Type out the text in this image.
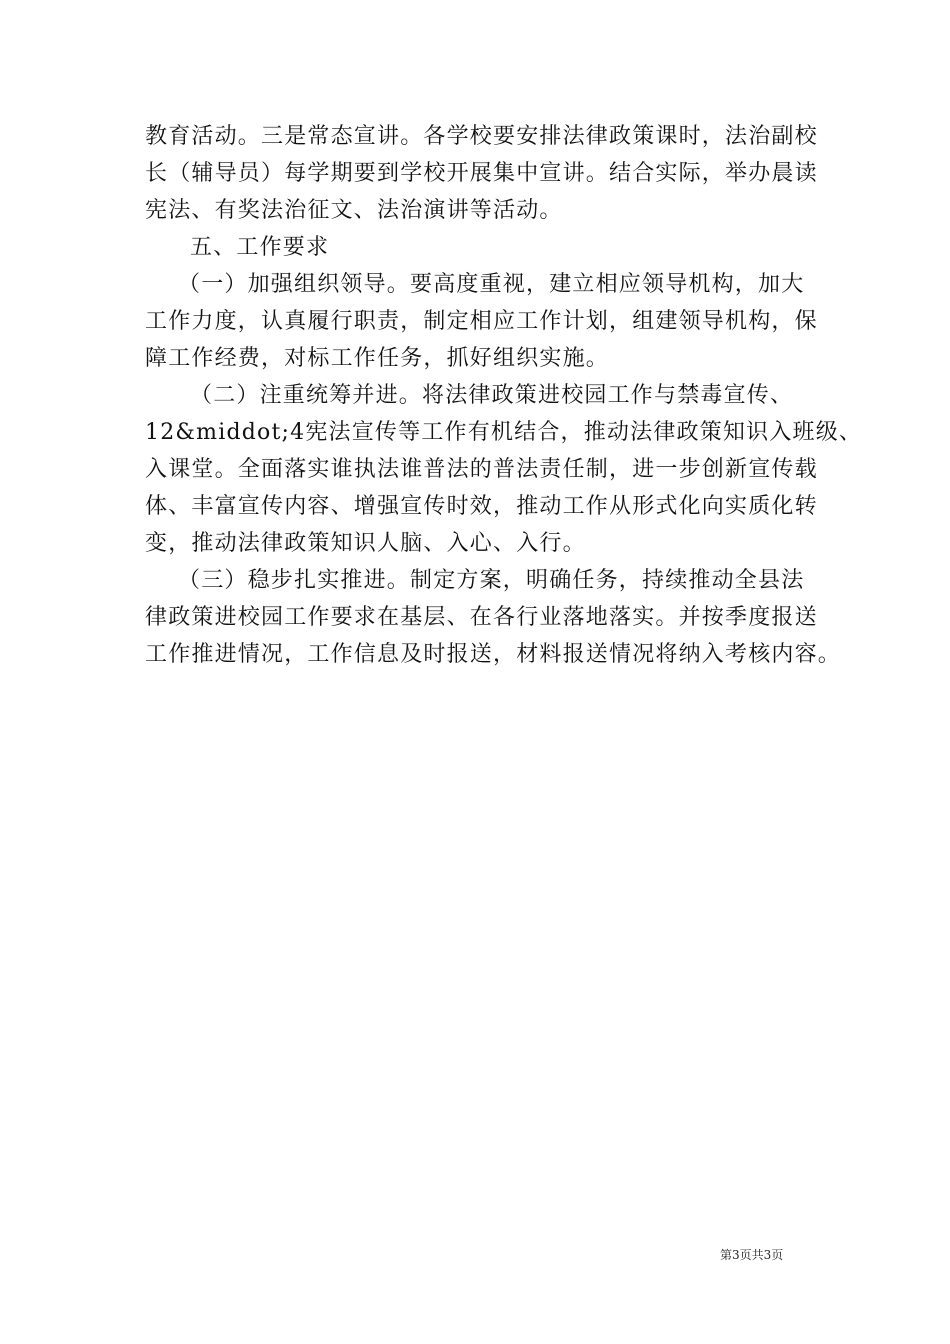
教育活动。三是常态宣讲。各学校要安排法律政策课时，法治副校
长（辅导员）每学期要到学校开展集中宣讲。结合实际，举办晨读
宪法、有奖法治征文、法治演讲等活动。
五、工作要求
（一）加强组织领导。要高度重视，建立相应领导机构，加大
工作力度，认真履行职责，制定相应工作计划，组建领导机构，保
障工作经费，对标工作任务，抓好组织实施。
（二）注重统筹并进。将法律政策进校园工作与禁毒宣传、
12&middot;4宪法宣传等工作有机结合，推动法律政策知识入班级、
入课堂。全面落实谁执法谁普法的普法责任制，进一步创新宣传载
体、丰富宣传内容、增强宣传时效，推动工作从形式化向实质化转
变，推动法律政策知识人脑、入心、入行。
（三）稳步扎实推进。制定方案，明确任务，持续推动全县法
律政策进校园工作要求在基层、在各行业落地落实。并按季度报送
工作推进情况，工作信息及时报送，材料报送情况将纳入考核内容。
第3页共3页
